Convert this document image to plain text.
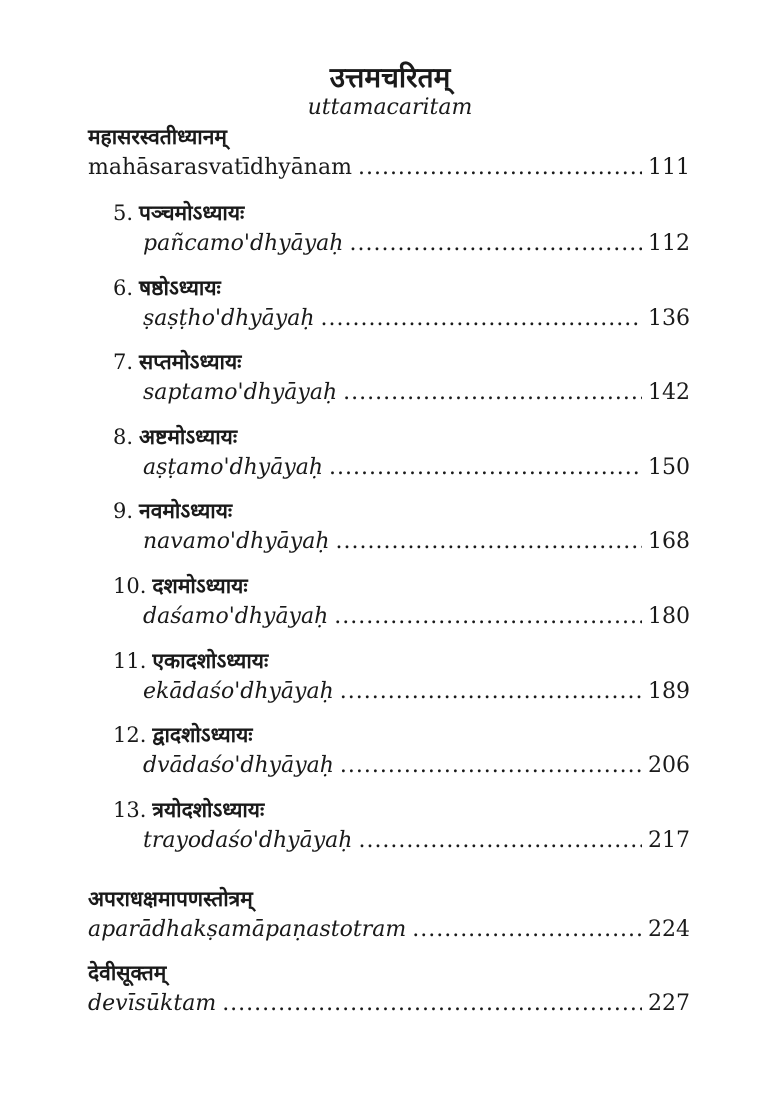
उत्तमचरितम्
uttamacaritam
महासरस्वतीध्यानम्
mahāsarasvatīdhyānam .....	111
5. पञ्चमोऽध्यायः
pañcamo'dhyāyaḥ .....	112
6. षष्ठोऽध्यायः
ṣaṣṭho'dhyāyaḥ .....	136
7. सप्तमोऽध्यायः
saptamo'dhyāyaḥ .....	142
8. अष्टमोऽध्यायः
aṣṭamo'dhyāyaḥ .....	150
9. नवमोऽध्यायः
navamo'dhyāyaḥ .....	168
10. दशमोऽध्यायः
daśamo'dhyāyaḥ .....	180
11. एकादशोऽध्यायः
ekādaśo'dhyāyaḥ .....	189
12. द्वादशोऽध्यायः
dvādaśo'dhyāyaḥ .....	206
13. त्रयोदशोऽध्यायः
trayodaśo'dhyāyaḥ .....	217
अपराधक्षमापणस्तोत्रम्
aparādhakṣamāpaṇastotram .....	224
देवीसूक्तम्
devīsūktam .....	227
